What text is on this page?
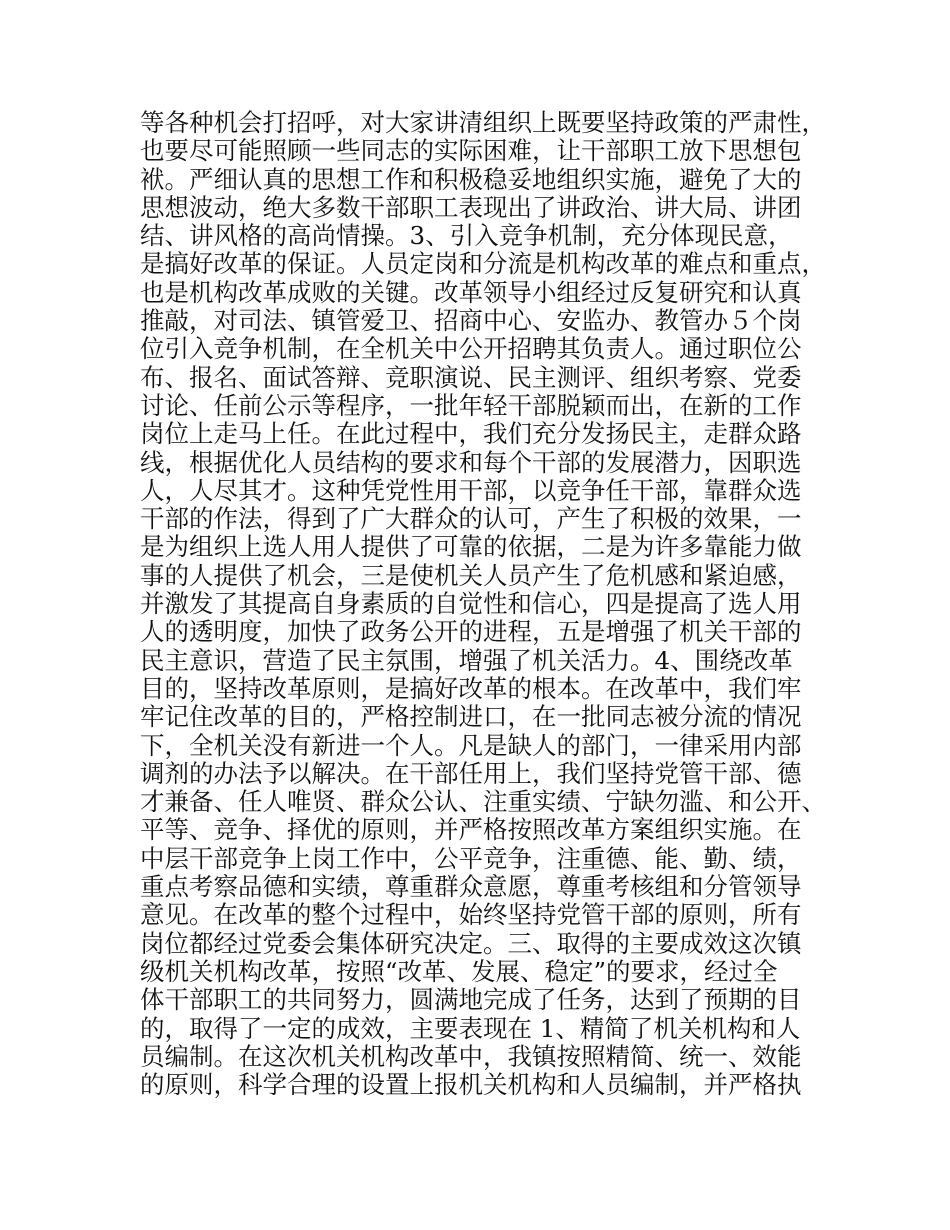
等各种机会打招呼，对大家讲清组织上既要坚持政策的严肃性，
也要尽可能照顾一些同志的实际困难，让干部职工放下思想包
袱。严细认真的思想工作和积极稳妥地组织实施，避免了大的
思想波动，绝大多数干部职工表现出了讲政治、讲大局、讲团
结、讲风格的高尚情操。3、引入竞争机制，充分体现民意，
是搞好改革的保证。人员定岗和分流是机构改革的难点和重点，
也是机构改革成败的关键。改革领导小组经过反复研究和认真
推敲，对司法、镇管爱卫、招商中心、安监办、教管办５个岗
位引入竞争机制，在全机关中公开招聘其负责人。通过职位公
布、报名、面试答辩、竞职演说、民主测评、组织考察、党委
讨论、任前公示等程序，一批年轻干部脱颖而出，在新的工作
岗位上走马上任。在此过程中，我们充分发扬民主，走群众路
线，根据优化人员结构的要求和每个干部的发展潜力，因职选
人，人尽其才。这种凭党性用干部，以竞争任干部，靠群众选
干部的作法，得到了广大群众的认可，产生了积极的效果，一
是为组织上选人用人提供了可靠的依据，二是为许多靠能力做
事的人提供了机会，三是使机关人员产生了危机感和紧迫感，
并激发了其提高自身素质的自觉性和信心，四是提高了选人用
人的透明度，加快了政务公开的进程，五是增强了机关干部的
民主意识，营造了民主氛围，增强了机关活力。4、围绕改革
目的，坚持改革原则，是搞好改革的根本。在改革中，我们牢
牢记住改革的目的，严格控制进口，在一批同志被分流的情况
下，全机关没有新进一个人。凡是缺人的部门，一律采用内部
调剂的办法予以解决。在干部任用上，我们坚持党管干部、德
才兼备、任人唯贤、群众公认、注重实绩、宁缺勿滥、和公开、
平等、竞争、择优的原则，并严格按照改革方案组织实施。在
中层干部竞争上岗工作中，公平竞争，注重德、能、勤、绩，
重点考察品德和实绩，尊重群众意愿，尊重考核组和分管领导
意见。在改革的整个过程中，始终坚持党管干部的原则，所有
岗位都经过党委会集体研究决定。三、取得的主要成效这次镇
级机关机构改革，按照“改革、发展、稳定”的要求，经过全
体干部职工的共同努力，圆满地完成了任务，达到了预期的目
的，取得了一定的成效，主要表现在 1、精简了机关机构和人
员编制。在这次机关机构改革中，我镇按照精简、统一、效能
的原则，科学合理的设置上报机关机构和人员编制，并严格执
